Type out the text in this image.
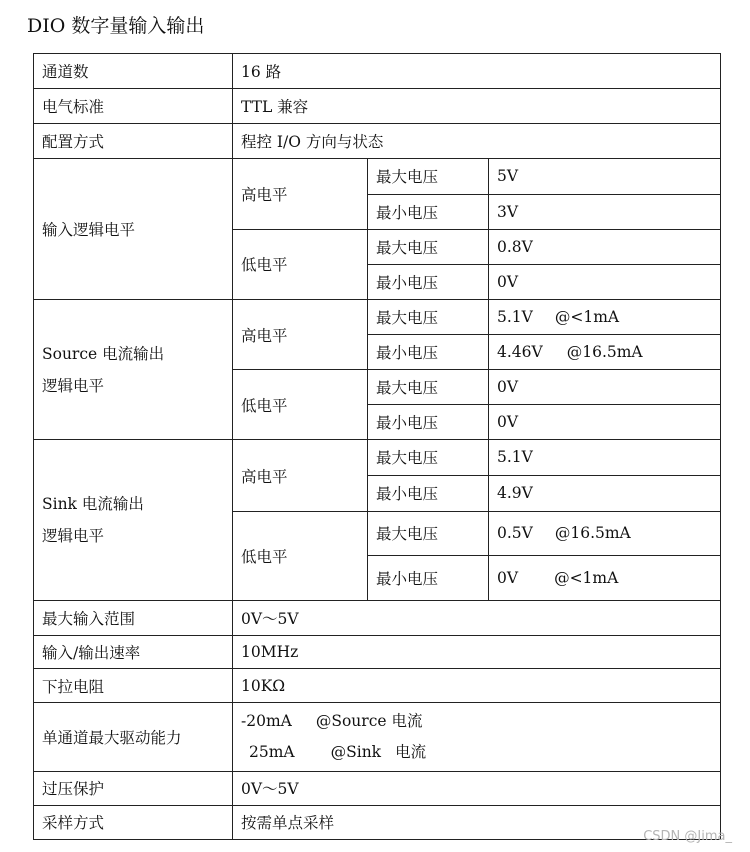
DIO 数字量输入输出
通道数	16 路		
电气标准	TTL 兼容		
配置方式	程控 I/O 方向与状态		
输入逻辑电平	高电平	最大电压	5V
		最小电压	3V
	低电平	最大电压	0.8V
		最小电压	0V

Source 电流输出
逻辑电平	高电平	最大电压	5.1V @<1mA
		最小电压	4.46V @16.5mA
	低电平	最大电压	0V
		最小电压	0V

Sink 电流输出
逻辑电平	高电平	最大电压	5.1V
		最小电压	4.9V
	低电平	最大电压	0.5V @16.5mA
		最小电压	0V @<1mA
最大输入范围	0V～5V		
输入/输出速率	10MHz		
下拉电阻	10KΩ		
单通道最大驱动能力	-20mA @Source 电流
25mA @Sink 电流		

过压保护	0V～5V		
采样方式	按需单点采样		
CSDN @Jima_
